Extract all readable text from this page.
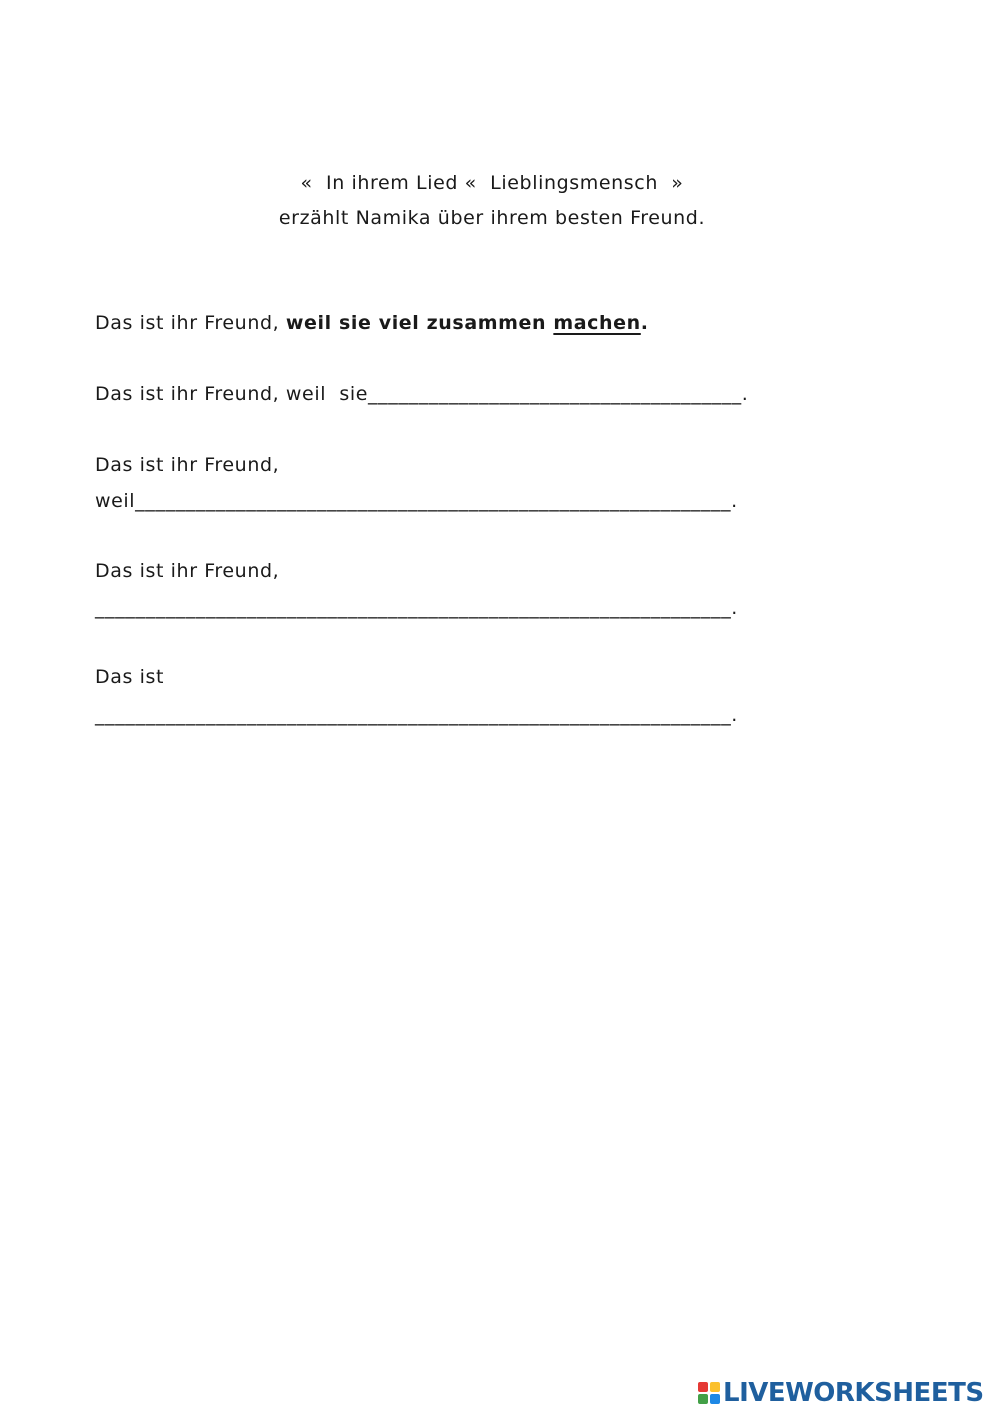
«  In ihrem Lied «  Lieblingsmensch  »
erzählt Namika über ihrem besten Freund.
Das ist ihr Freund, weil sie viel zusammen machen.
Das ist ihr Freund, weil  sie_____________________________________.
Das ist ihr Freund,
weil___________________________________________________________.
Das ist ihr Freund,
_______________________________________________________________.
Das ist
_______________________________________________________________.
LIVEWORKSHEETS
